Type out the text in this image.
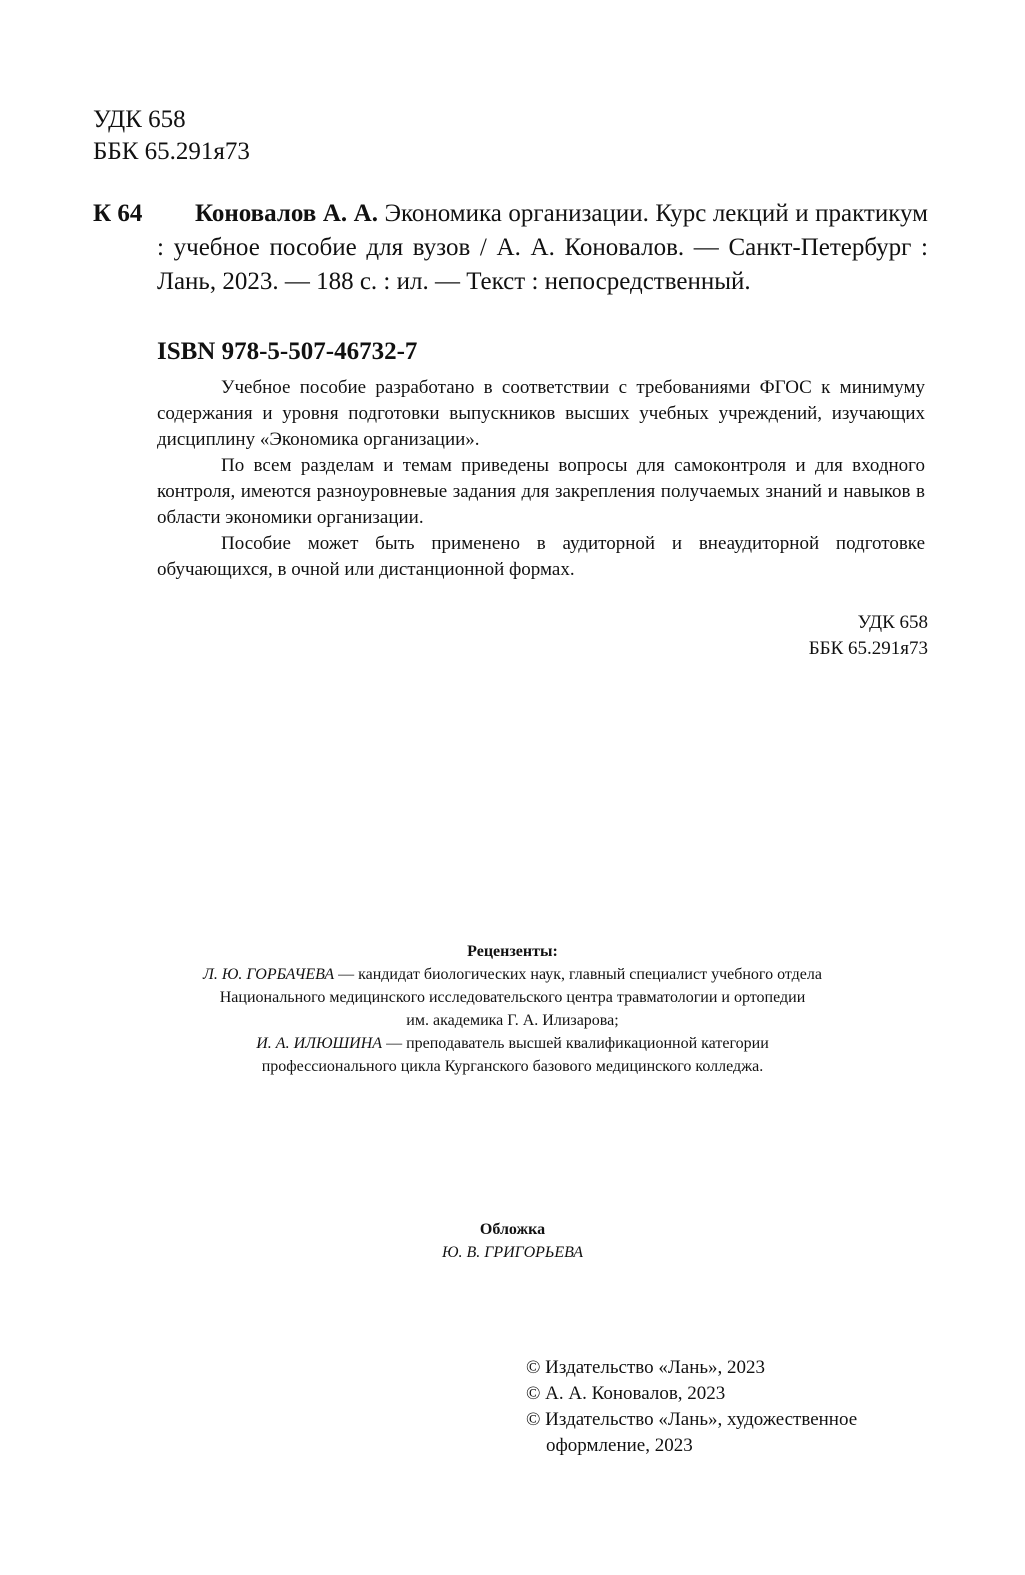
УДК 658
ББК 65.291я73
К 64	Коновалов А. А. Экономика организации. Курс лекций и практикум : учебное пособие для вузов / А. А. Коновалов. — Санкт-Петербург : Лань, 2023. — 188 с. : ил. — Текст : непосредственный.
ISBN 978-5-507-46732-7

Учебное пособие разработано в соответствии с требованиями ФГОС к минимуму содержания и уровня подготовки выпускников высших учебных учреждений, изучающих дисциплину «Экономика организации».

По всем разделам и темам приведены вопросы для самоконтроля и для входного контроля, имеются разноуровневые задания для закрепления получаемых знаний и навыков в области экономики организации.

Пособие может быть применено в аудиторной и внеаудиторной подготовке обучающихся, в очной или дистанционной формах.

УДК 658
ББК 65.291я73
Рецензенты:
Л. Ю. ГОРБАЧЕВА — кандидат биологических наук, главный специалист учебного отдела
Национального медицинского исследовательского центра травматологии и ортопедии
им. академика Г. А. Илизарова;
И. А. ИЛЮШИНА — преподаватель высшей квалификационной категории
профессионального цикла Курганского базового медицинского колледжа.
Обложка
Ю. В. ГРИГОРЬЕВА
© Издательство «Лань», 2023
© А. А. Коновалов, 2023
© Издательство «Лань», художественное оформление, 2023
